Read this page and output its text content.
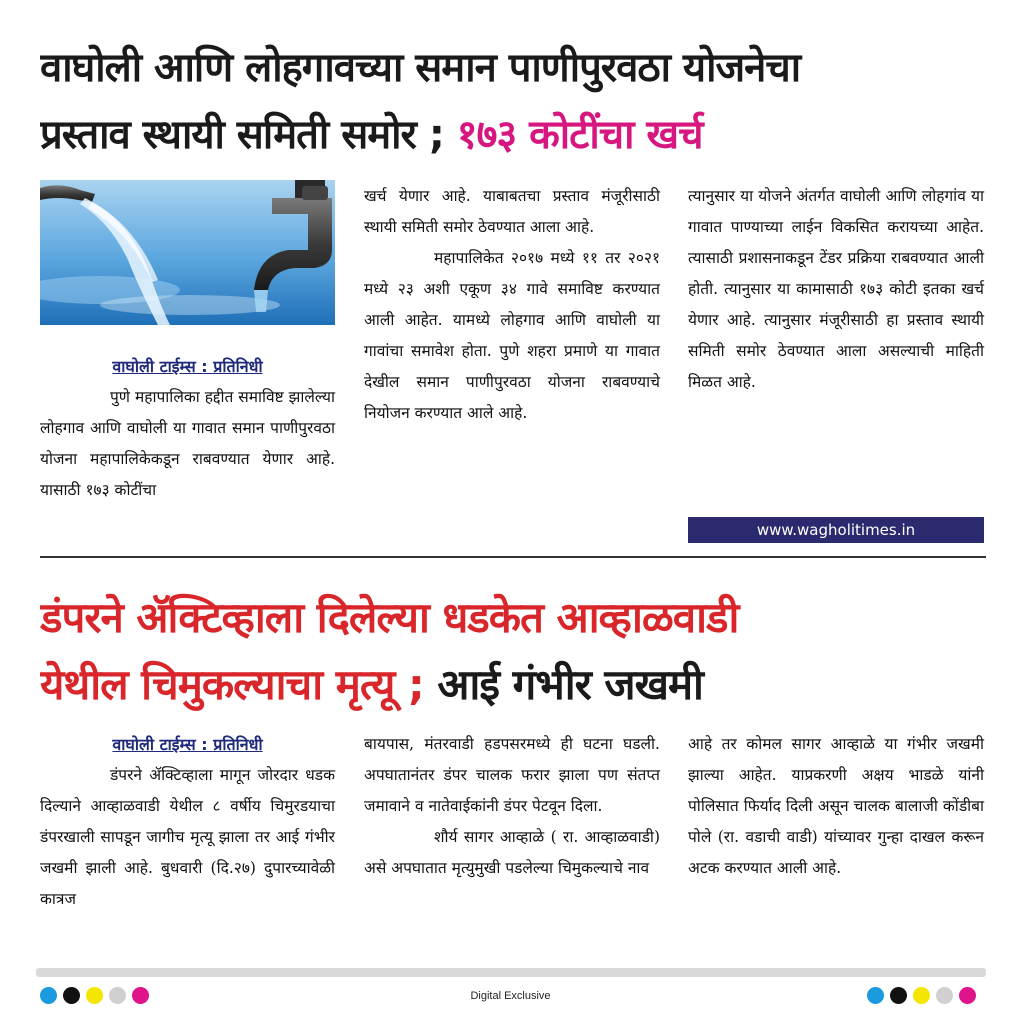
वाघोली आणि लोहगावच्या समान पाणीपुरवठा योजनेचा
प्रस्ताव स्थायी समिती समोर ; १७३ कोटींचा खर्च
वाघोली टाईम्स : प्रतिनिधी

पुणे महापालिका हद्दीत समाविष्ट झालेल्या लोहगाव आणि वाघोली या गावात समान पाणीपुरवठा योजना महापालिकेकडून राबवण्यात येणार आहे. यासाठी १७३ कोटींचा

खर्च येणार आहे. याबाबतचा प्रस्ताव मंजूरीसाठी स्थायी समिती समोर ठेवण्यात आला आहे.

महापालिकेत २०१७ मध्ये ११ तर २०२१ मध्ये २३ अशी एकूण ३४ गावे समाविष्ट करण्यात आली आहेत. यामध्ये लोहगाव आणि वाघोली या गावांचा समावेश होता. पुणे शहरा प्रमाणे या गावात देखील समान पाणीपुरवठा योजना राबवण्याचे नियोजन करण्यात आले आहे.

त्यानुसार या योजने अंतर्गत वाघोली आणि लोहगांव या गावात पाण्याच्या लाईन विकसित करायच्या आहेत. त्यासाठी प्रशासनाकडून टेंडर प्रक्रिया राबवण्यात आली होती. त्यानुसार या कामासाठी १७३ कोटी इतका खर्च येणार आहे. त्यानुसार मंजूरीसाठी हा प्रस्ताव स्थायी समिती समोर ठेवण्यात आला असल्याची माहिती मिळत आहे.

www.wagholitimes.in
डंपरने ॲक्टिव्हाला दिलेल्या धडकेत आव्हाळवाडी
येथील चिमुकल्याचा मृत्यू ; आई गंभीर जखमी
वाघोली टाईम्स : प्रतिनिधी

डंपरने ॲक्टिव्हाला मागून जोरदार धडक दिल्याने आव्हाळवाडी येथील ८ वर्षीय चिमुरडयाचा डंपरखाली सापडून जागीच मृत्यू झाला तर आई गंभीर जखमी झाली आहे. बुधवारी (दि.२७) दुपारच्यावेळी कात्रज

बायपास, मंतरवाडी हडपसरमध्ये ही घटना घडली. अपघातानंतर डंपर चालक फरार झाला पण संतप्त जमावाने व नातेवाईकांनी डंपर पेटवून दिला.

शौर्य सागर आव्हाळे ( रा. आव्हाळवाडी) असे अपघातात मृत्युमुखी पडलेल्या चिमुकल्याचे नाव

आहे तर कोमल सागर आव्हाळे या गंभीर जखमी झाल्या आहेत. याप्रकरणी अक्षय भाडळे यांनी पोलिसात फिर्याद दिली असून चालक बालाजी कोंडीबा पोले (रा. वडाची वाडी) यांच्यावर गुन्हा दाखल करून अटक करण्यात आली आहे.

Digital Exclusive
